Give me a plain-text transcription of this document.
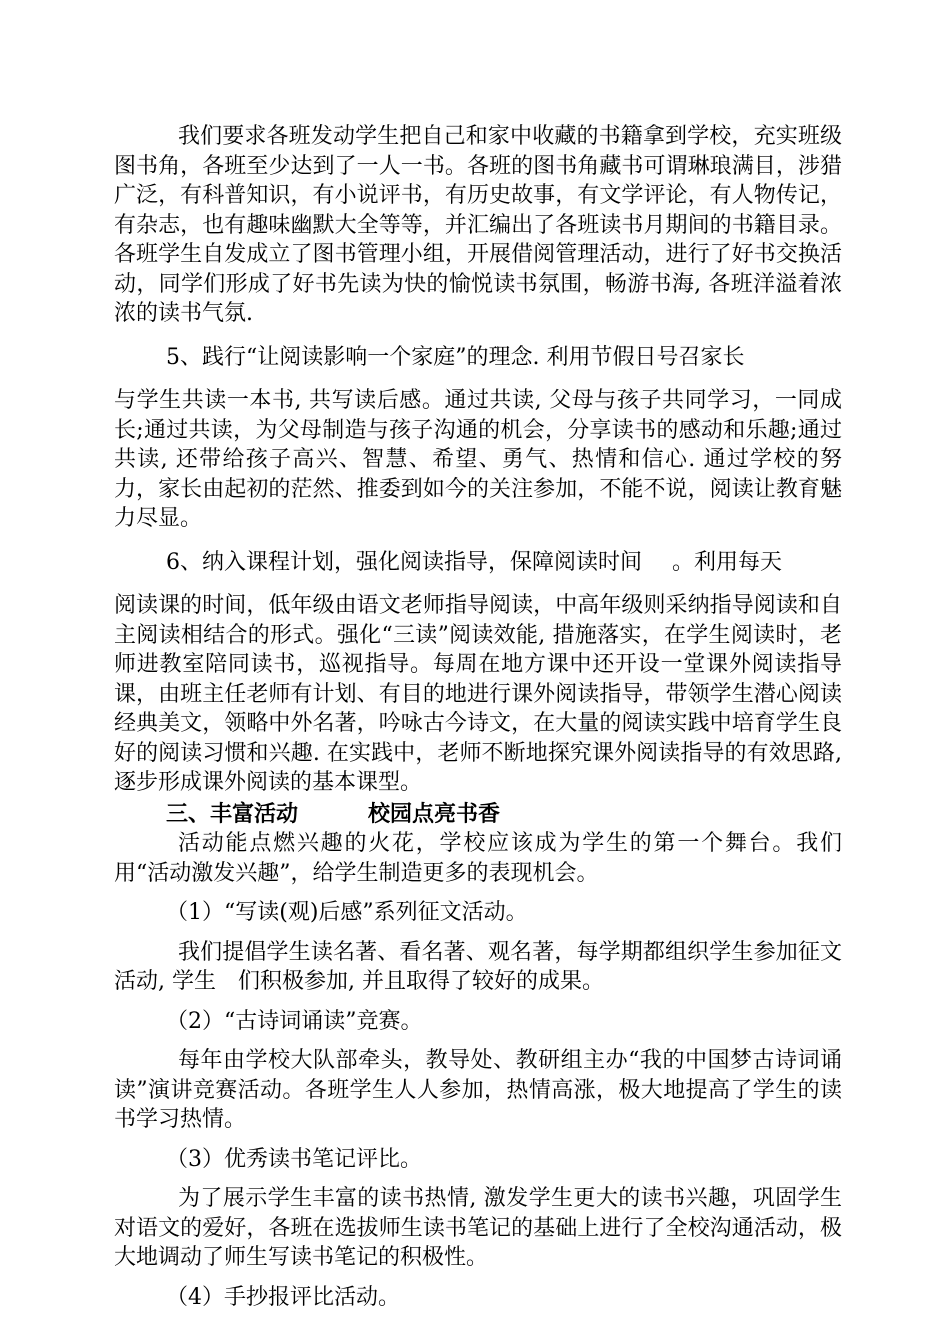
我们要求各班发动学生把自己和家中收藏的书籍拿到学校，充实班级图书角，各班至少达到了一人一书。各班的图书角藏书可谓琳琅满目，涉猎广泛，有科普知识，有小说评书，有历史故事，有文学评论，有人物传记，有杂志，也有趣味幽默大全等等，并汇编出了各班读书月期间的书籍目录。各班学生自发成立了图书管理小组，开展借阅管理活动，进行了好书交换活动，同学们形成了好书先读为快的愉悦读书氛围，畅游书海, 各班洋溢着浓浓的读书气氛.

5、践行“让阅读影响一个家庭”的理念. 利用节假日号召家长

与学生共读一本书, 共写读后感。通过共读, 父母与孩子共同学习，一同成长;通过共读，为父母制造与孩子沟通的机会，分享读书的感动和乐趣;通过共读, 还带给孩子高兴、智慧、希望、勇气、热情和信心. 通过学校的努力，家长由起初的茫然、推委到如今的关注参加，不能不说，阅读让教育魅力尽显。

6、纳入课程计划，强化阅读指导，保障阅读时间 。利用每天

阅读课的时间，低年级由语文老师指导阅读，中高年级则采纳指导阅读和自主阅读相结合的形式。强化“三读”阅读效能, 措施落实，在学生阅读时，老师进教室陪同读书，巡视指导。每周在地方课中还开设一堂课外阅读指导课，由班主任老师有计划、有目的地进行课外阅读指导，带领学生潜心阅读经典美文，领略中外名著，吟咏古今诗文，在大量的阅读实践中培育学生良好的阅读习惯和兴趣. 在实践中，老师不断地探究课外阅读指导的有效思路, 逐步形成课外阅读的基本课型。

三、丰富活动	校园点亮书香

活动能点燃兴趣的火花，学校应该成为学生的第一个舞台。我们用“活动激发兴趣”，给学生制造更多的表现机会。

（1）“写读(观)后感”系列征文活动。

我们提倡学生读名著、看名著、观名著，每学期都组织学生参加征文活动, 学生　们积极参加, 并且取得了较好的成果。

（2）“古诗词诵读”竞赛。

每年由学校大队部牵头，教导处、教研组主办“我的中国梦古诗词诵读”演讲竞赛活动。各班学生人人参加，热情高涨，极大地提高了学生的读书学习热情。

（3）优秀读书笔记评比。

为了展示学生丰富的读书热情, 激发学生更大的读书兴趣，巩固学生对语文的爱好，各班在选拔师生读书笔记的基础上进行了全校沟通活动，极大地调动了师生写读书笔记的积极性。

（4）手抄报评比活动。
